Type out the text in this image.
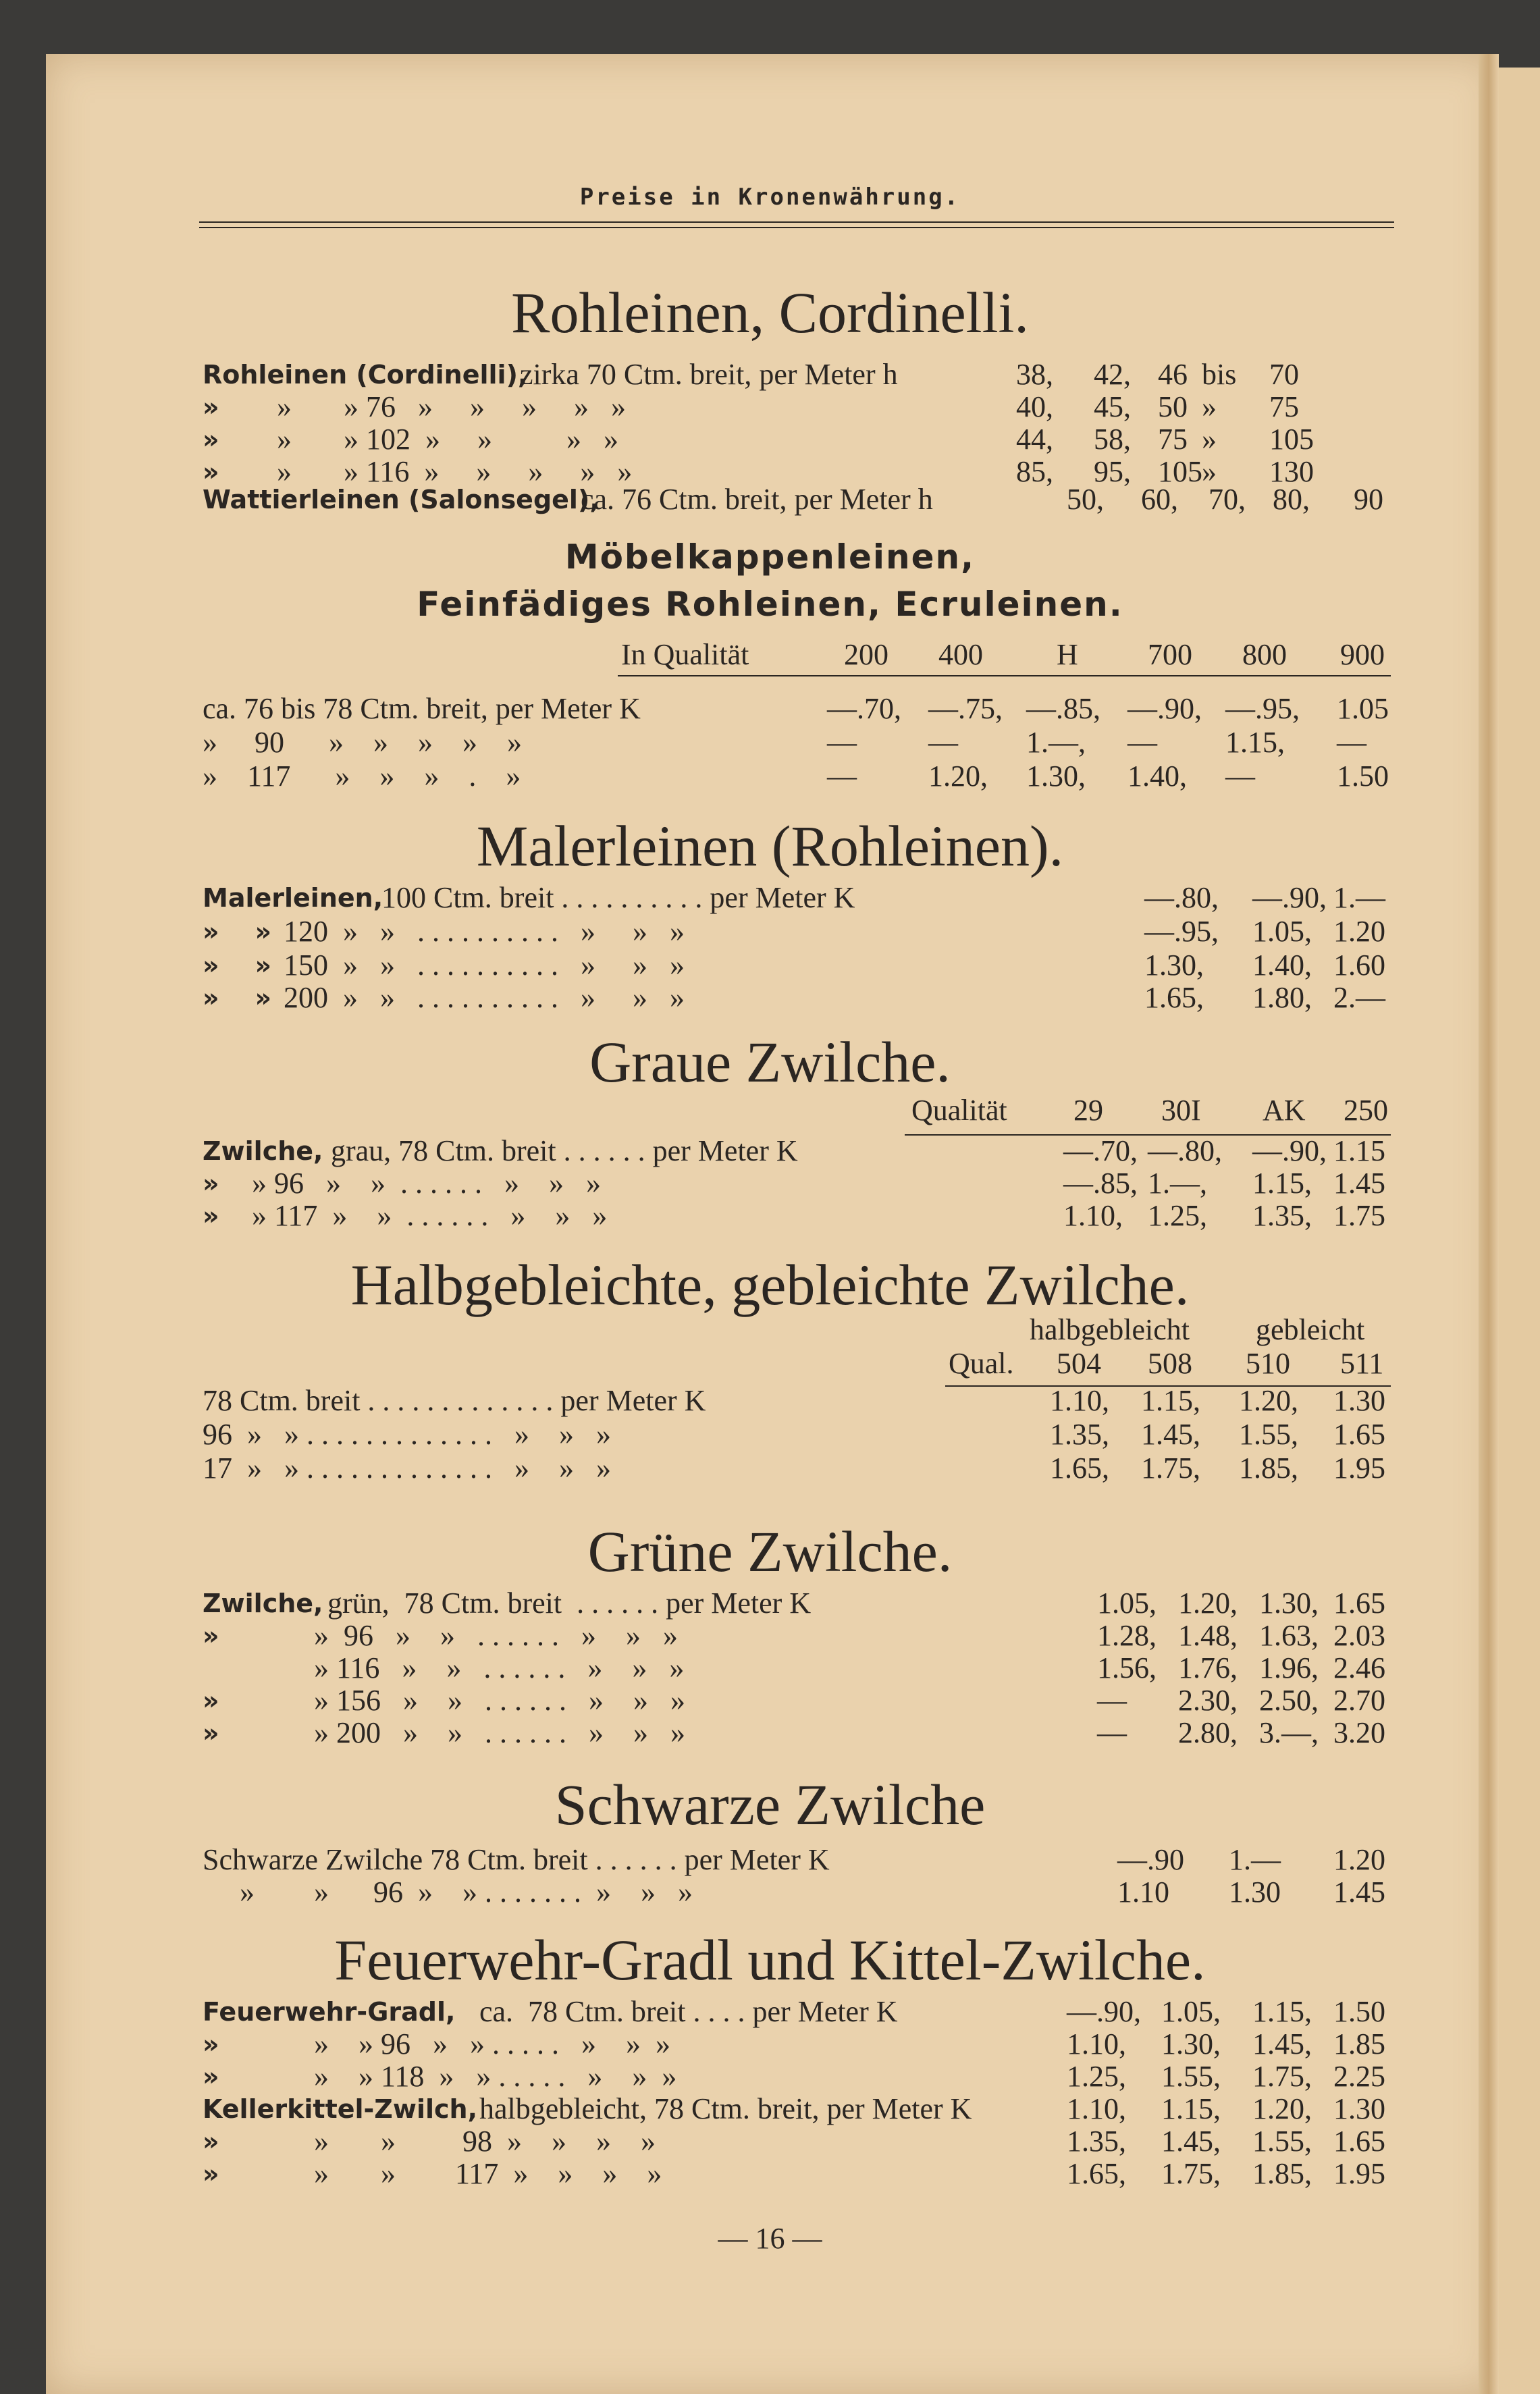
Preise in Kronenwährung.
Rohleinen, Cordinelli.
Rohleinen (Cordinelli),
zirka 70 Ctm. breit, per Meter h	38, 42, 46 bis 70
» »       » 76   »     »     »     »   »	40, 45, 50 » 75
» »       » 102  »     »          »   »	44, 58, 75 » 105
» »       » 116  »     »     »     »   »	85, 95, 105 » 130
Wattierleinen (Salonsegel),
ca. 76 Ctm. breit, per Meter h	50, 60, 70, 80, 90
Möbelkappenleinen,
Feinfädiges Rohleinen, Ecruleinen.
In Qualität	200 400 H 700 800 900
ca. 76 bis 78 Ctm. breit, per Meter K	—.70, —.75, —.85, —.90, —.95, 1.05
»     90      »    »    »    »    »	— — 1.—, — 1.15, —
»    117      »    »    »    .    »	— 1.20, 1.30, 1.40, —	1.50
Malerleinen (Rohleinen).
Malerleinen,
100 Ctm. breit . . . . . . . . . . per Meter K	—.80, —.90, 1.—
»    » 120  »   »   . . . . . . . . . .   »     »   »	—.95, 1.05, 1.20
»    » 150  »   »   . . . . . . . . . .   »     »   »	1.30, 1.40, 1.60
»    » 200  »   »   . . . . . . . . . .   »     »   »	1.65, 1.80, 2.—
Graue Zwilche.
Qualität 29 30I AK 250
Zwilche, grau, 78 Ctm. breit . . . . . . per Meter K	—.70, —.80, —.90, 1.15
» » 96   »    »  . . . . . .   »    »   »	—.85, 1.—, 1.15, 1.45
» » 117  »    »  . . . . . .   »    »   »	1.10, 1.25, 1.35, 1.75
Halbgebleichte, gebleichte Zwilche.
halbgebleicht gebleicht
Qual. 504 508 510 511
78 Ctm. breit . . . . . . . . . . . . . per Meter K	1.10, 1.15, 1.20, 1.30
96  »   » . . . . . . . . . . . . .   »    »   »	1.35, 1.45, 1.55, 1.65
17  »   » . . . . . . . . . . . . .   »    »   »	1.65, 1.75, 1.85, 1.95
Grüne Zwilche.
Zwilche, grün,  78 Ctm. breit  . . . . . . per Meter K	1.05, 1.20, 1.30, 1.65
» »  96   »    »   . . . . . .   »    »   »	1.28, 1.48, 1.63, 2.03
» 116   »    »   . . . . . .   »    »   »	1.56, 1.76, 1.96, 2.46
» » 156   »    »   . . . . . .   »    »   »	— 2.30, 2.50, 2.70
» » 200   »    »   . . . . . .   »    »   »	— 2.80, 3.—, 3.20
Schwarze Zwilche
Schwarze Zwilche 78 Ctm. breit . . . . . . per Meter K	—.90 1.— 1.20
»        »      96  »    » . . . . . . .  »    »   »	1.10 1.30 1.45
Feuerwehr-Gradl und Kittel-Zwilche.
Feuerwehr-Gradl, ca.  78 Ctm. breit . . . . per Meter K	—.90, 1.05, 1.15, 1.50
» »    » 96   »   » . . . . .   »    »  »	1.10, 1.30, 1.45, 1.85
» »    » 118  »   » . . . . .   »    »  »	1.25, 1.55, 1.75, 2.25
Kellerkittel-Zwilch, halbgebleicht, 78 Ctm. breit, per Meter K	1.10, 1.15, 1.20, 1.30
» »       »         98  »    »    »    »	1.35, 1.45, 1.55, 1.65
» »       »        117  »    »    »    »	1.65, 1.75, 1.85, 1.95
— 16 —
